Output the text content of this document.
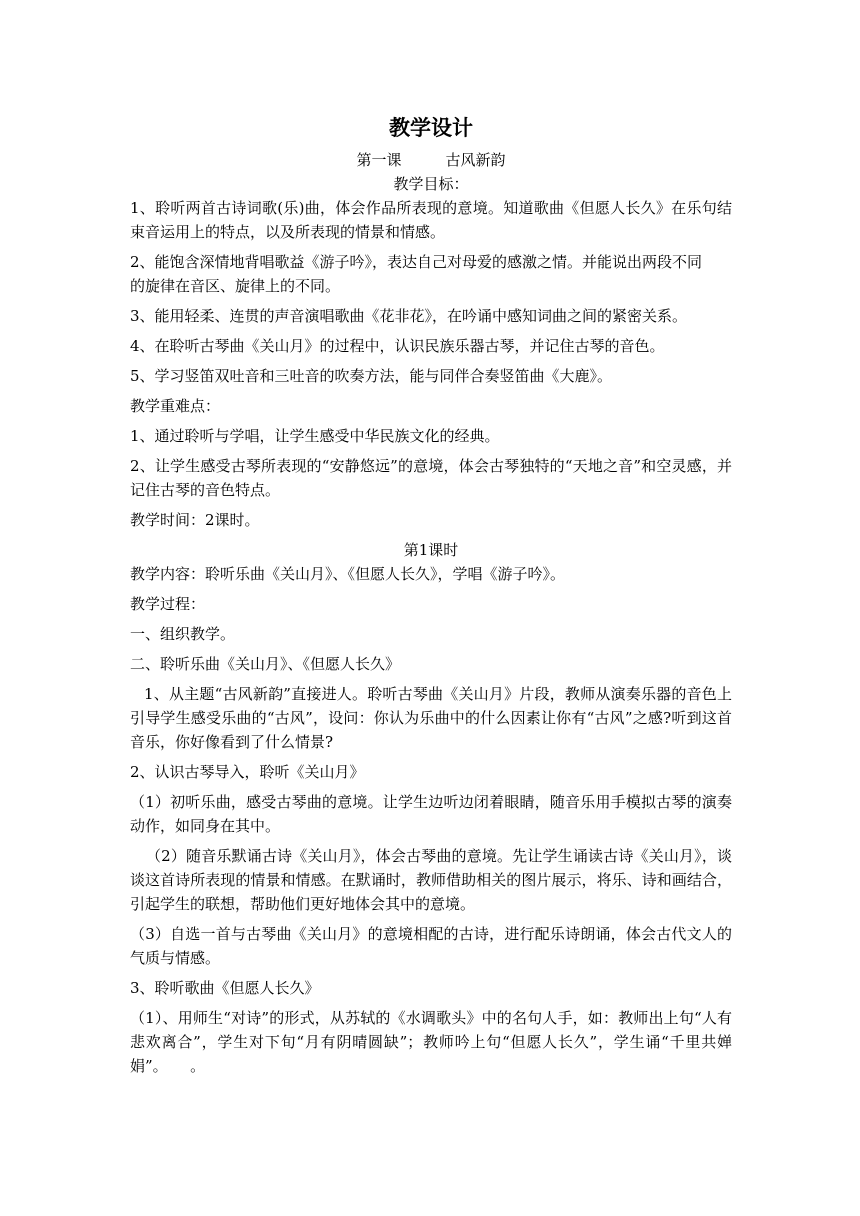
教学设计
第一课	古风新韵
教学目标：

1、聆听两首古诗词歌(乐)曲，体会作品所表现的意境。知道歌曲《但愿人长久》在乐句结束音运用上的特点，以及所表现的情景和情感。

2、能饱含深情地背唱歌益《游子吟》，表达自己对母爱的感激之情。并能说出两段不同

的旋律在音区、旋律上的不同。

3、能用轻柔、连贯的声音演唱歌曲《花非花》，在吟诵中感知词曲之间的紧密关系。

4、在聆听古琴曲《关山月》的过程中，认识民族乐器古琴，并记住古琴的音色。

5、学习竖笛双吐音和三吐音的吹奏方法，能与同伴合奏竖笛曲《大鹿》。

教学重难点：

1、通过聆听与学唱，让学生感受中华民族文化的经典。

2、让学生感受古琴所表现的“安静悠远”的意境，体会古琴独特的“天地之音”和空灵感，并记住古琴的音色特点。

教学时间：2课时。

第1课时

教学内容：聆听乐曲《关山月》、《但愿人长久》，学唱《游子吟》。

教学过程：

一、组织教学。

二、聆听乐曲《关山月》、《但愿人长久》

1、从主题“古风新韵”直接进人。聆听古琴曲《关山月》片段，教师从演奏乐器的音色上引导学生感受乐曲的“古风”，设问：你认为乐曲中的什么因素让你有“古风”之感?听到这首音乐，你好像看到了什么情景?

2、认识古琴导入，聆听《关山月》

（1）初听乐曲，感受古琴曲的意境。让学生边听边闭着眼睛，随音乐用手模拟古琴的演奏动作，如同身在其中。

（2）随音乐默诵古诗《关山月》，体会古琴曲的意境。先让学生诵读古诗《关山月》，谈谈这首诗所表现的情景和情感。在默诵时，教师借助相关的图片展示，将乐、诗和画结合，引起学生的联想，帮助他们更好地体会其中的意境。

（3）自选一首与古琴曲《关山月》的意境相配的古诗，进行配乐诗朗诵，体会古代文人的气质与情感。

3、聆听歌曲《但愿人长久》

（1）、用师生“对诗”的形式，从苏轼的《水调歌头》中的名句人手，如：教师出上句“人有悲欢离合”，学生对下旬“月有阴晴圆缺”；教师吟上句“但愿人长久”，学生诵“千里共婵娟”。　　。
